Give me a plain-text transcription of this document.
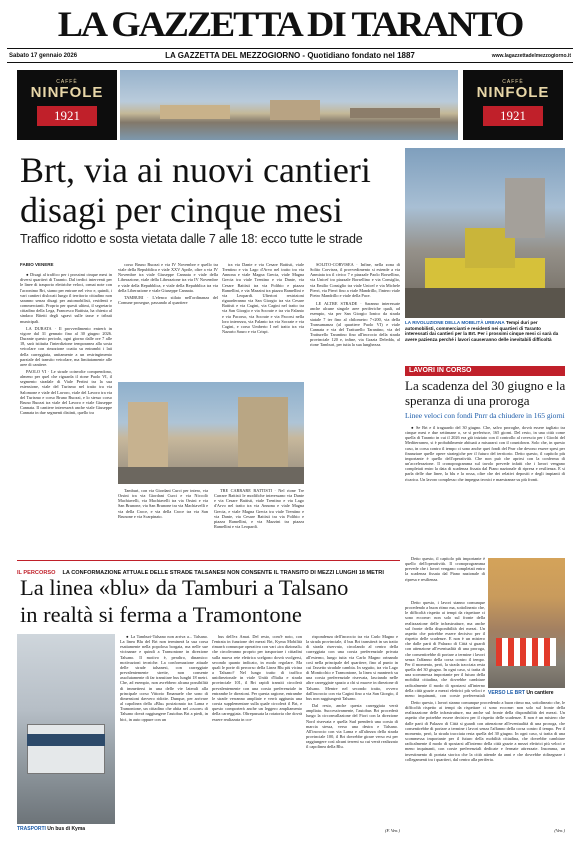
LA GAZZETTA DI TARANTO
Sabato 17 gennaio 2026	LA GAZZETTA DEL MEZZOGIORNO - Quotidiano fondato nel 1887	www.lagazzettadelmezzogiorno.it
CAFFÈ
NINFOLE
1921
CAFFÈ
NINFOLE
1921
Brt, via ai nuovi cantieri
disagi per cinque mesi
Traffico ridotto e sosta vietata dalle 7 alle 18: ecco tutte le strade
LA RIVOLUZIONE DELLA MOBILITÀ URBANA Tempi duri per automobilisti, commercianti e residenti nei quartieri di Taranto interessati dai cantieri per la Brt. Per i prossimi cinque mesi ci sarà da avere pazienza perché i lavori causeranno delle inevitabili difficoltà
FABIO VENERE

● Disagi al traffico per i prossimi cinque mesi in diversi quartieri di Taranto. Dal tredici interventi per le linee di trasporto elettriche veloci, ormai note con l'acronimo Brt, siamo per entrare nel vivo e, quindi, i vari cantieri dislocati lungo il territorio cittadino non saranno senza disagi per automobilisti, residenti e commercianti. Proprio per questi ultimi, il segretario cittadino della Lega, Francesco Battista, ha chiesto al sindaco Bitetti degli sgravi sulle tasse e tributi municipali.

LA DURATA · Il provvedimento entrerà in vigore dal 31 gennaio fino al 30 giugno 2026. Durante questo periodo, ogni giorno dalle ore 7 alle 18, sarà istituita l'interdizione temporanea alla sosta veicolare con rimozione coatta su entrambi i lati della carreggiata, unitamente a un restringimento parziale del transito veicolare, ma limitatamente alle aree di cantiere.

PAOLO VI · Le strade coinvolte comprendono, almeno per quel che riguarda il rione Paolo VI, il segmento stradale di Viale Pertini tra la sua estensione, viale del Turismo nel tratto tra via Salomone e viale del Lavoro, viale del Lavoro tra via del Turismo e corso Bruno Buozzi, e lo stesso corso Bruno Buozzi tra viale del Lavoro e viale Giuseppe Cannata. Il cantiere interesserà anche viale Giuseppe Cannata in due segmenti distinti, quello tra

corso Bruno Buozzi e via IV Novembre e quello tra viale della Repubblica e viale XXV Aprile, oltre a via IV Novembre tra viale Giuseppe Cannata e viale della Liberazione, viale della Liberazione tra via IV Novembre e viale della Repubblica, e viale della Repubblica tra via della Liberazione e viale Giuseppe Cannata.

TAMBURI · L'elenco stilato nell'ordinanza del Comune prosegue, passando al quartiere

Tamburi, con via Giordani Curci per intero, via Orsini tra via Giordani Curci e via Niccolò Machiavelli, via Machiavelli tra via Orsini e via San Brunone, via San Brunone tra via Machiavelli e via della Croce, e via della Croce tra via San Brunone e via Scarpinato.

TRE CARRARE BATTISTI · Nel rione Tre Carrare Battisti le modifiche interessano via Dante e via Cesare Battisti, viale Trentino e via Lago d'Arvo nel tratto tra via Annona e viale Magna Grecia, e viale Magna Grecia tra viale Trentino e via Dante, via Cesare Battisti tra via Polibio e piazza Ramellini, e via Mazzini tra piazza Ramellini e via Leopardi.

tra via Dante e via Cesare Battisti, viale Trentino e via Lago d'Arvo nel tratto tra via Annona e viale Magna Grecia, viale Magna Grecia tra viale Trentino e via Dante, via Cesare Battisti tra via Polibio e piazza Ramellini, e via Mazzini tra piazza Ramellini e via Leopardi. Ulteriori restrizioni riguarderanno via San Giorgio tra via Cesare Battisti e via Cagini, via Cagini nel tratto tra via San Giorgio e via Socrate e tra via Falanto e via Pacorso, via Socrate e via Pacorsi nella loro interezza, via Falanto tra via Socrate e via Cagini, e corso Umberto I nel tratto tra via Nazario Sauro e via Crispi.

SOLITO-CORVISEA · Infine, nella zona di Solito Corvisea, il provvedimento si estende a via Anmiata tra il civico 7 e piazzale Paolo Borsellino, via Unicef tra piazzale Borsellino e via Consiglio, via Emilio Consiglio tra viale Unicef e via Michele Pierri, via Pierri fino a viale Mandrillo, l'intero viale Pietro Mandrillo e viale della Pace.

LE ALTRE STRADE · Saranno interessate anche alcune singole aree periferiche quali, ad esempio, via per San Giorgio Ionico da strada statale 7 ter fino al chilometro 7+200, via della Transumanza (al quartiere Paolo VI) e viale Cannata e via del Tratturello Tarantino, via del Tratturello Tarantino fino all'incrocio della strada provinciale 120 e, infine, via Grazia Deledda, al rione Tamburi, per tutta la sua lunghezza.

LAVORI IN CORSO
La scadenza del 30 giugno e la speranza di una proroga
Linee veloci con fondi Pnrr da chiudere in 165 giorni

● Se Brt e il traguardo del 30 giugno. Che, salvo proroghe, dovrà essere tagliato tra cinque mesi e due settimane o, se si preferisce, 165 giorni. Del resto, in una città come quella di Taranto in cui il 2026 era già iniziato con il controllo al rovescio per i Giochi del Mediterraneo, si è probabilmente abituati a misurarsi con il countdown. Solo che, in questo caso, in corsa contro il tempo ci sono anche quei fondi del Pnrr che devono essere spesi per finanziare quelle opere strategiche per il futuro del territorio. Detto questo, il capitolo più importante è quello dell'operatività. Che non può che aprirsi con la conferma di un'accelerazione. Il cronoprogramma sul tavolo prevede infatti che i lavori vengano completati entro la data di scadenza fissata dal Piano nazionale di ripresa e resilienza. E si parla delle due linee, la blu e la rossa, oltre che dei relativi depositi e degli impianti di ricarica. Un lavoro complesso che impegna tecnici e maestranze su più fronti.

IL PERCORSO LA CONFORMAZIONE ATTUALE DELLE STRADE TALSANESI NON CONSENTE IL TRANSITO DI MEZZI LUNGHI 18 METRI
La linea «blu» da Tamburi a Talsano
in realtà si ferma a Tramontone
TRASPORTI Un bus di Kyma

● La Tamburi-Talsano non arriva a... Talsano. La linea Blu del Brt non terminerà la sua corsa esattamente nella popolosa borgata, ma nelle sue vicinanze e quindi a Tramontone in direzione Talsano. Il motivo è, peraltro, dinamico: motivazioni tecniche. La conformazione attuale delle strade talsanesi, con carreggiate prevalentemente strette, non consente assolutamente di far transitare bus lunghi 18 metri. Che, ad esempio, non avrebbero alcuna possibilità di immettersi in una delle vie laterali alla principale corso Vittorio Emanuele che sono di dimensioni davvero ridotte. Dunque, per arrivare al capolinea della «Blu» posizionato tra Lama e Tramontone, un cittadino che abita nel «cuore» di Talsano dovrà raggiungere l'autobus Brt a piedi, in bici, in auto oppure con un

bus dell'ex Amat. Del resto, com'è noto, con l'entrata in funzione dei mezzi Brt, Kyma Mobilità rimarrà comunque operativa con vari «tra dizionali» che circoleranno proprio per trasportare i cittadini sulla nuova rete elettrica scelgono dovrà svolgersi, secondo quanto indicato, in modo regolare. Ma quali le porte di percorso della Linea Blu più vicina a Talsano? Nel lungo tratto di traffico unidirezionale in viale Unità d'Italia e strada provinciale 101, il Brt rapidi transiti circolerà prevalentemente con una corsia preferenziale in entrambe le direzioni. Per questa ragione, entrambe le strade verranno ampliate e verrà aggiunta una corsia supplementare sulla quale circolerà il Brt, e questo comporterà anche un leggero ampliamento della carreggiata. Oltrepassata la rotatoria che dovrà essere realizzata in cor-

rispondenza dell'incrocio tra via Carlo Magno e la strada provinciale, il bus Brt transiterà in un tratto di strada riservato, circolando al centro della carreggiata con una corsia preferenziale privata all'esterno, lungo tutta via Carlo Magno orinando così nella principale del quartiere, fino al punto in cui l'assetto stradale cambia. In seguito, tra via Lago di Monticchio e Tramontone, la linea si manterrà su una corsia preferenziale riservata, lasciando nelle altre carreggiate spazio a chi si muove in direzione di Talsano. Mentre nel secondo tratto, ovvero dall'incrocio con via Cagini fino a via San Giorgio, il bus non raggiungerà Talsano.

Dal resto, anche questa carreggiata verrà ampliata. Successivamente, l'autobus Brt procederà lungo la circonvallazione del Fiori con la direzione Nord riservata e quella Sud prenderà una corsia di marcia stessa, verso una destra e Talsano. All'incrocio con via Lama e all'altezza della strada provinciale 100, il Brt dovrebbe girare verso est per raggiungere così alcuni terreni su cui verrà realizzato il capolinea della Blu.

(F. Ven.)

Detto questo, il capitolo più importante è quello dell'operatività. Il cronoprogramma prevede che i lavori vengano completati entro la scadenza fissata dal Piano nazionale di ripresa e resilienza.

VERSO LE BRT Un cantiere

Detto questo, i lavori stanno comunque procedendo a buon ritmo ma, sottolineato che, le difficoltà rispetto ai tempi da rispettare ci sono eccome: non solo sul fronte della realizzazione delle infrastrutture, ma anche sul fronte della disponibilità dei mezzi. Un aspetto che potrebbe essere decisivo per il rispetto delle scadenze. E non è un mistero che dalle parti di Palazzo di Città si guardi con attenzione all'eventualità di una proroga, che consentirebbe di portare a termine i lavori senza l'affanno della corsa contro il tempo. Per il momento, però, la strada tracciata resta quella del 30 giugno. In ogni caso, si tratta di una scommessa importante per il futuro della mobilità cittadina, che dovrebbe cambiare radicalmente il modo di spostarsi all'interno della città grazie a mezzi elettrici più veloci e meno inquinanti, con corsie preferenziali

Detto questo, i lavori stanno comunque procedendo a buon ritmo ma, sottolineato che, le difficoltà rispetto ai tempi da rispettare ci sono eccome: non solo sul fronte della realizzazione delle infrastrutture, ma anche sul fronte della disponibilità dei mezzi. Un aspetto che potrebbe essere decisivo per il rispetto delle scadenze. E non è un mistero che dalle parti di Palazzo di Città si guardi con attenzione all'eventualità di una proroga, che consentirebbe di portare a termine i lavori senza l'affanno della corsa contro il tempo. Per il momento, però, la strada tracciata resta quella del 30 giugno. In ogni caso, si tratta di una scommessa importante per il futuro della mobilità cittadina, che dovrebbe cambiare radicalmente il modo di spostarsi all'interno della città grazie a mezzi elettrici più veloci e meno inquinanti, con corsie preferenziali dedicate e fermate attrezzate. Insomma, un investimento di portata storica che la città attende da anni e che dovrebbe ridisegnare i collegamenti tra i quartieri, dal centro alla periferia.

(Ven.)
